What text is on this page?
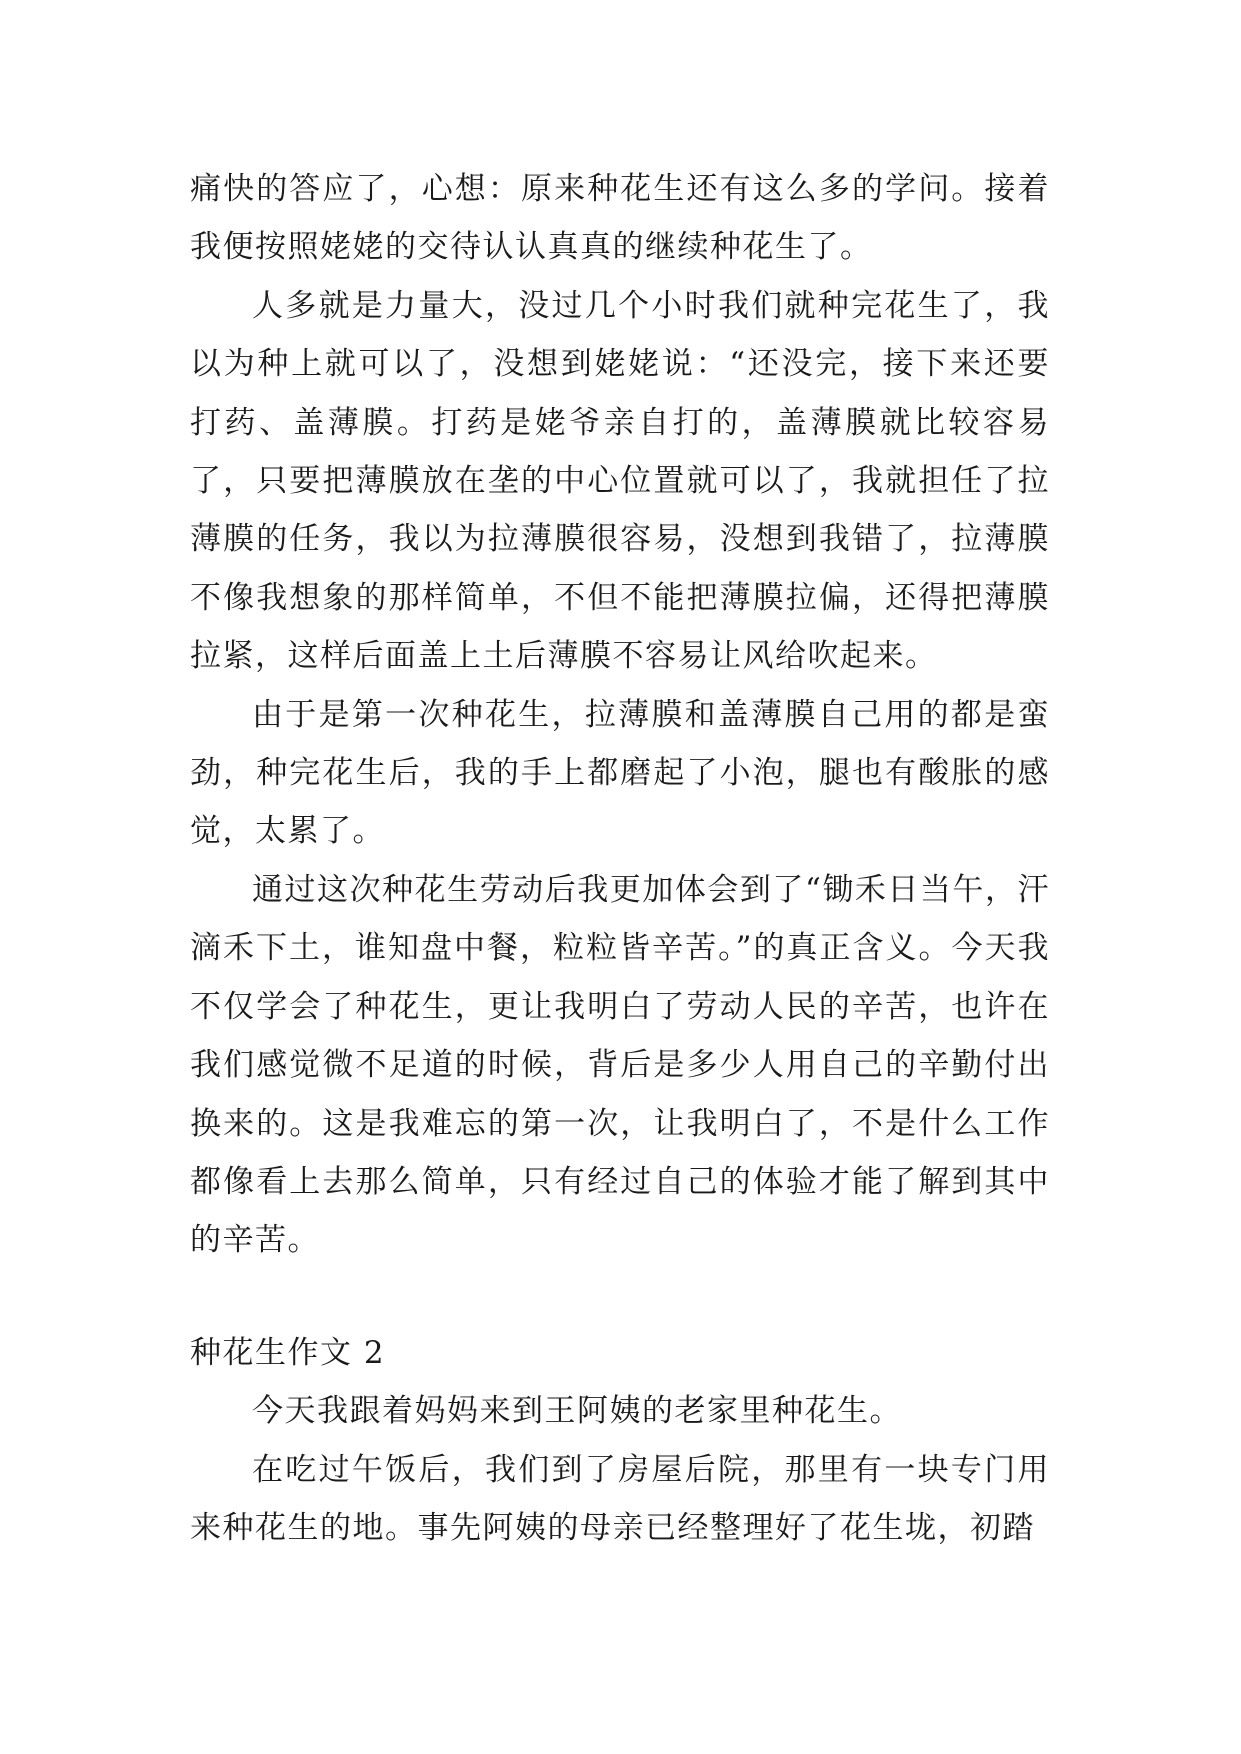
痛快的答应了，心想：原来种花生还有这么多的学问。接着我便按照姥姥的交待认认真真的继续种花生了。

人多就是力量大，没过几个小时我们就种完花生了，我以为种上就可以了，没想到姥姥说：“还没完，接下来还要打药、盖薄膜。打药是姥爷亲自打的，盖薄膜就比较容易了，只要把薄膜放在垄的中心位置就可以了，我就担任了拉薄膜的任务，我以为拉薄膜很容易，没想到我错了，拉薄膜不像我想象的那样简单，不但不能把薄膜拉偏，还得把薄膜拉紧，这样后面盖上土后薄膜不容易让风给吹起来。

由于是第一次种花生，拉薄膜和盖薄膜自己用的都是蛮劲，种完花生后，我的手上都磨起了小泡，腿也有酸胀的感觉，太累了。

通过这次种花生劳动后我更加体会到了“锄禾日当午，汗滴禾下土，谁知盘中餐，粒粒皆辛苦。”的真正含义。今天我不仅学会了种花生，更让我明白了劳动人民的辛苦，也许在我们感觉微不足道的时候，背后是多少人用自己的辛勤付出换来的。这是我难忘的第一次，让我明白了，不是什么工作都像看上去那么简单，只有经过自己的体验才能了解到其中的辛苦。

种花生作文 2

今天我跟着妈妈来到王阿姨的老家里种花生。

在吃过午饭后，我们到了房屋后院，那里有一块专门用来种花生的地。事先阿姨的母亲已经整理好了花生垅，初踏
